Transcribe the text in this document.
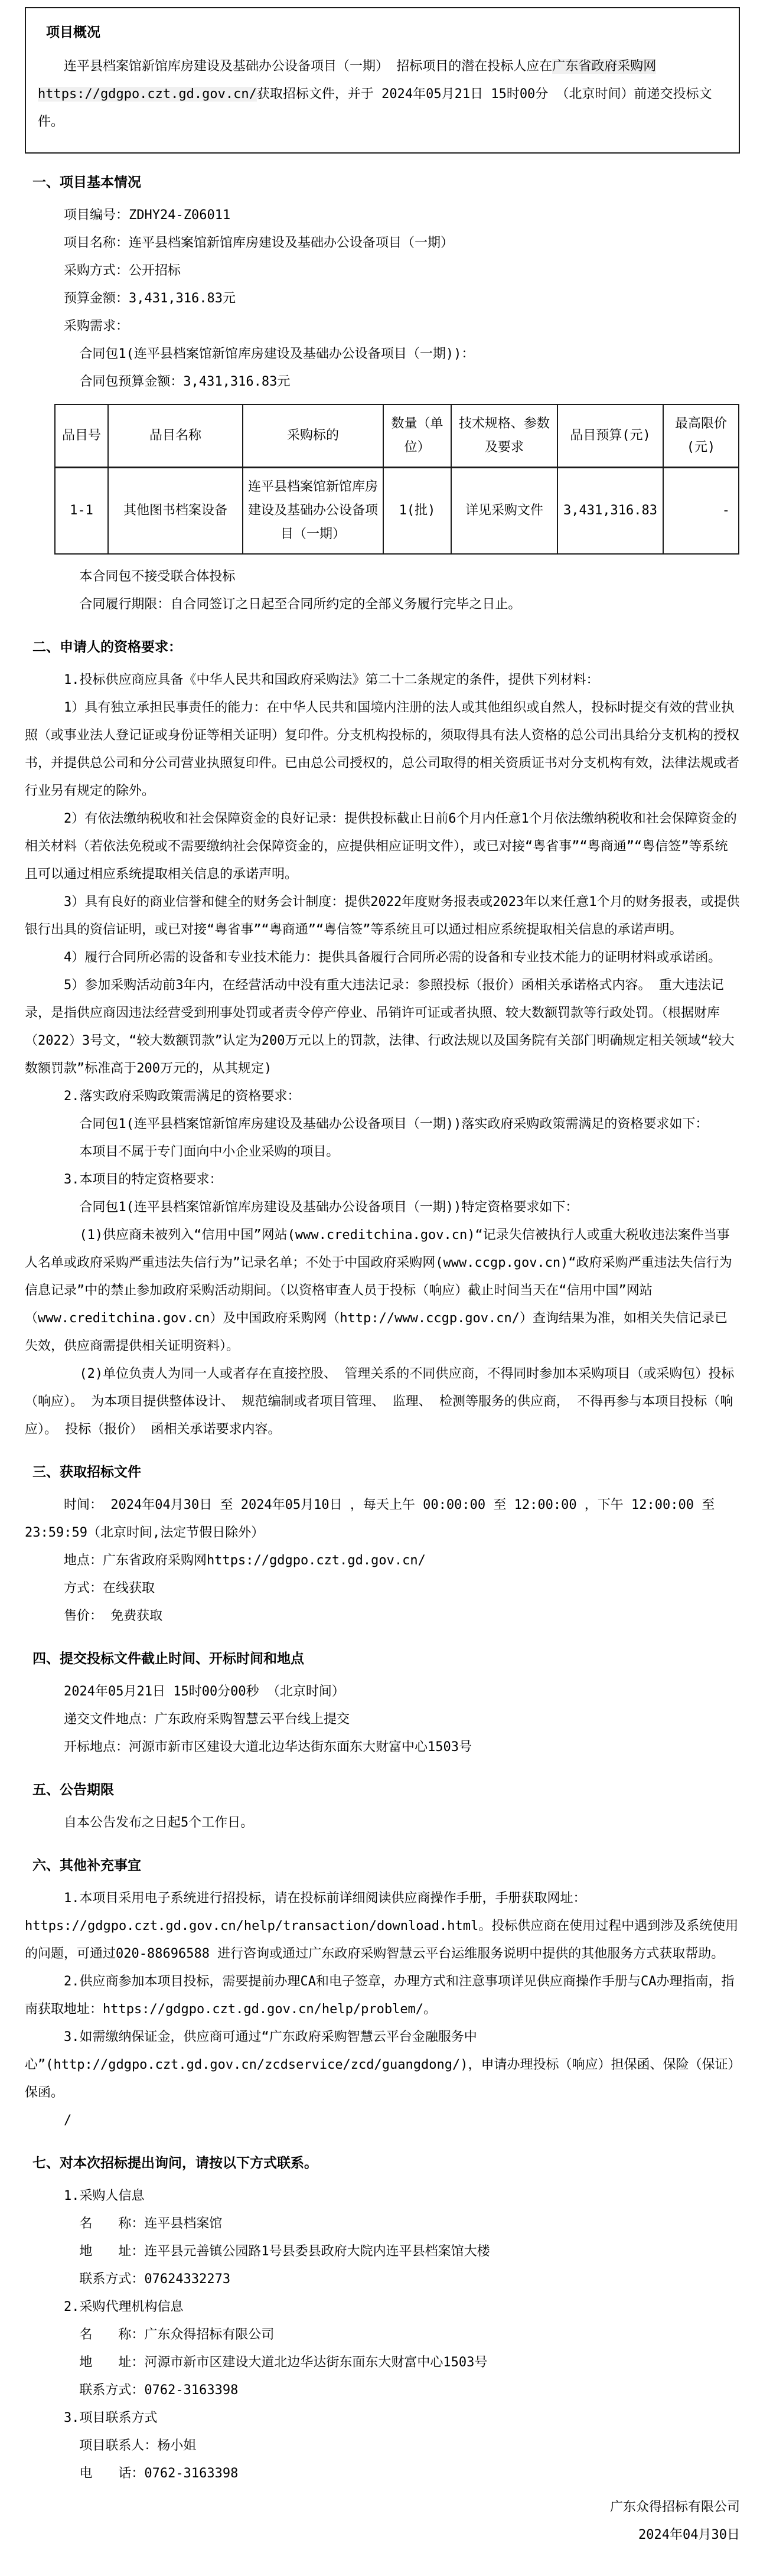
项目概况

连平县档案馆新馆库房建设及基础办公设备项目（一期） 招标项目的潜在投标人应在广东省政府采购网https://gdgpo.czt.gd.gov.cn/获取招标文件，并于 2024年05月21日 15时00分 （北京时间）前递交投标文件。

一、项目基本情况

项目编号：ZDHY24-Z06011

项目名称：连平县档案馆新馆库房建设及基础办公设备项目（一期）

采购方式：公开招标

预算金额：3,431,316.83元

采购需求：

合同包1(连平县档案馆新馆库房建设及基础办公设备项目（一期))：

合同包预算金额：3,431,316.83元

品目号	品目名称	采购标的	数量（单位）	技术规格、参数及要求	品目预算(元)	最高限价(元)
1-1	其他图书档案设备	连平县档案馆新馆库房建设及基础办公设备项目（一期）	1(批)	详见采购文件	3,431,316.83	-

本合同包不接受联合体投标

合同履行期限：自合同签订之日起至合同所约定的全部义务履行完毕之日止。

二、申请人的资格要求：

1.投标供应商应具备《中华人民共和国政府采购法》第二十二条规定的条件，提供下列材料：

1）具有独立承担民事责任的能力：在中华人民共和国境内注册的法人或其他组织或自然人，投标时提交有效的营业执照（或事业法人登记证或身份证等相关证明）复印件。分支机构投标的，须取得具有法人资格的总公司出具给分支机构的授权书，并提供总公司和分公司营业执照复印件。已由总公司授权的，总公司取得的相关资质证书对分支机构有效，法律法规或者行业另有规定的除外。

2）有依法缴纳税收和社会保障资金的良好记录：提供投标截止日前6个月内任意1个月依法缴纳税收和社会保障资金的相关材料（若依法免税或不需要缴纳社会保障资金的，应提供相应证明文件），或已对接“粤省事”“粤商通”“粤信签”等系统且可以通过相应系统提取相关信息的承诺声明。

3）具有良好的商业信誉和健全的财务会计制度：提供2022年度财务报表或2023年以来任意1个月的财务报表，或提供银行出具的资信证明，或已对接“粤省事”“粤商通”“粤信签”等系统且可以通过相应系统提取相关信息的承诺声明。

4）履行合同所必需的设备和专业技术能力：提供具备履行合同所必需的设备和专业技术能力的证明材料或承诺函。

5）参加采购活动前3年内，在经营活动中没有重大违法记录：参照投标（报价）函相关承诺格式内容。 重大违法记录，是指供应商因违法经营受到刑事处罚或者责令停产停业、吊销许可证或者执照、较大数额罚款等行政处罚。（根据财库（2022）3号文，“较大数额罚款”认定为200万元以上的罚款，法律、行政法规以及国务院有关部门明确规定相关领域“较大数额罚款”标准高于200万元的，从其规定)

2.落实政府采购政策需满足的资格要求：

合同包1(连平县档案馆新馆库房建设及基础办公设备项目（一期))落实政府采购政策需满足的资格要求如下：

本项目不属于专门面向中小企业采购的项目。

3.本项目的特定资格要求：

合同包1(连平县档案馆新馆库房建设及基础办公设备项目（一期))特定资格要求如下：

(1)供应商未被列入“信用中国”网站(www.creditchina.gov.cn)“记录失信被执行人或重大税收违法案件当事人名单或政府采购严重违法失信行为”记录名单；不处于中国政府采购网(www.ccgp.gov.cn)“政府采购严重违法失信行为信息记录”中的禁止参加政府采购活动期间。（以资格审查人员于投标（响应）截止时间当天在“信用中国”网站（www.creditchina.gov.cn）及中国政府采购网（http://www.ccgp.gov.cn/）查询结果为准，如相关失信记录已失效，供应商需提供相关证明资料）。

(2)单位负责人为同一人或者存在直接控股、 管理关系的不同供应商，不得同时参加本采购项目（或采购包）投标（响应）。 为本项目提供整体设计、 规范编制或者项目管理、 监理、 检测等服务的供应商， 不得再参与本项目投标（响应）。 投标（报价） 函相关承诺要求内容。

三、获取招标文件

时间： 2024年04月30日 至 2024年05月10日 ，每天上午 00:00:00 至 12:00:00 ，下午 12:00:00 至 23:59:59（北京时间,法定节假日除外）

地点：广东省政府采购网https://gdgpo.czt.gd.gov.cn/

方式：在线获取

售价： 免费获取

四、提交投标文件截止时间、开标时间和地点

2024年05月21日 15时00分00秒 （北京时间）

递交文件地点：广东政府采购智慧云平台线上提交

开标地点：河源市新市区建设大道北边华达街东面东大财富中心1503号

五、公告期限

自本公告发布之日起5个工作日。

六、其他补充事宜

1.本项目采用电子系统进行招投标，请在投标前详细阅读供应商操作手册，手册获取网址：https://gdgpo.czt.gd.gov.cn/help/transaction/download.html。投标供应商在使用过程中遇到涉及系统使用的问题，可通过020-88696588 进行咨询或通过广东政府采购智慧云平台运维服务说明中提供的其他服务方式获取帮助。

2.供应商参加本项目投标，需要提前办理CA和电子签章，办理方式和注意事项详见供应商操作手册与CA办理指南，指南获取地址：https://gdgpo.czt.gd.gov.cn/help/problem/。

3.如需缴纳保证金，供应商可通过“广东政府采购智慧云平台金融服务中心”(http://gdgpo.czt.gd.gov.cn/zcdservice/zcd/guangdong/)，申请办理投标（响应）担保函、保险（保证）保函。

/

七、对本次招标提出询问，请按以下方式联系。

1.采购人信息

名　　称：连平县档案馆

地　　址：连平县元善镇公园路1号县委县政府大院内连平县档案馆大楼

联系方式：07624332273

2.采购代理机构信息

名　　称：广东众得招标有限公司

地　　址：河源市新市区建设大道北边华达街东面东大财富中心1503号

联系方式：0762-3163398

3.项目联系方式

项目联系人：杨小姐

电　　话：0762-3163398

广东众得招标有限公司

2024年04月30日
